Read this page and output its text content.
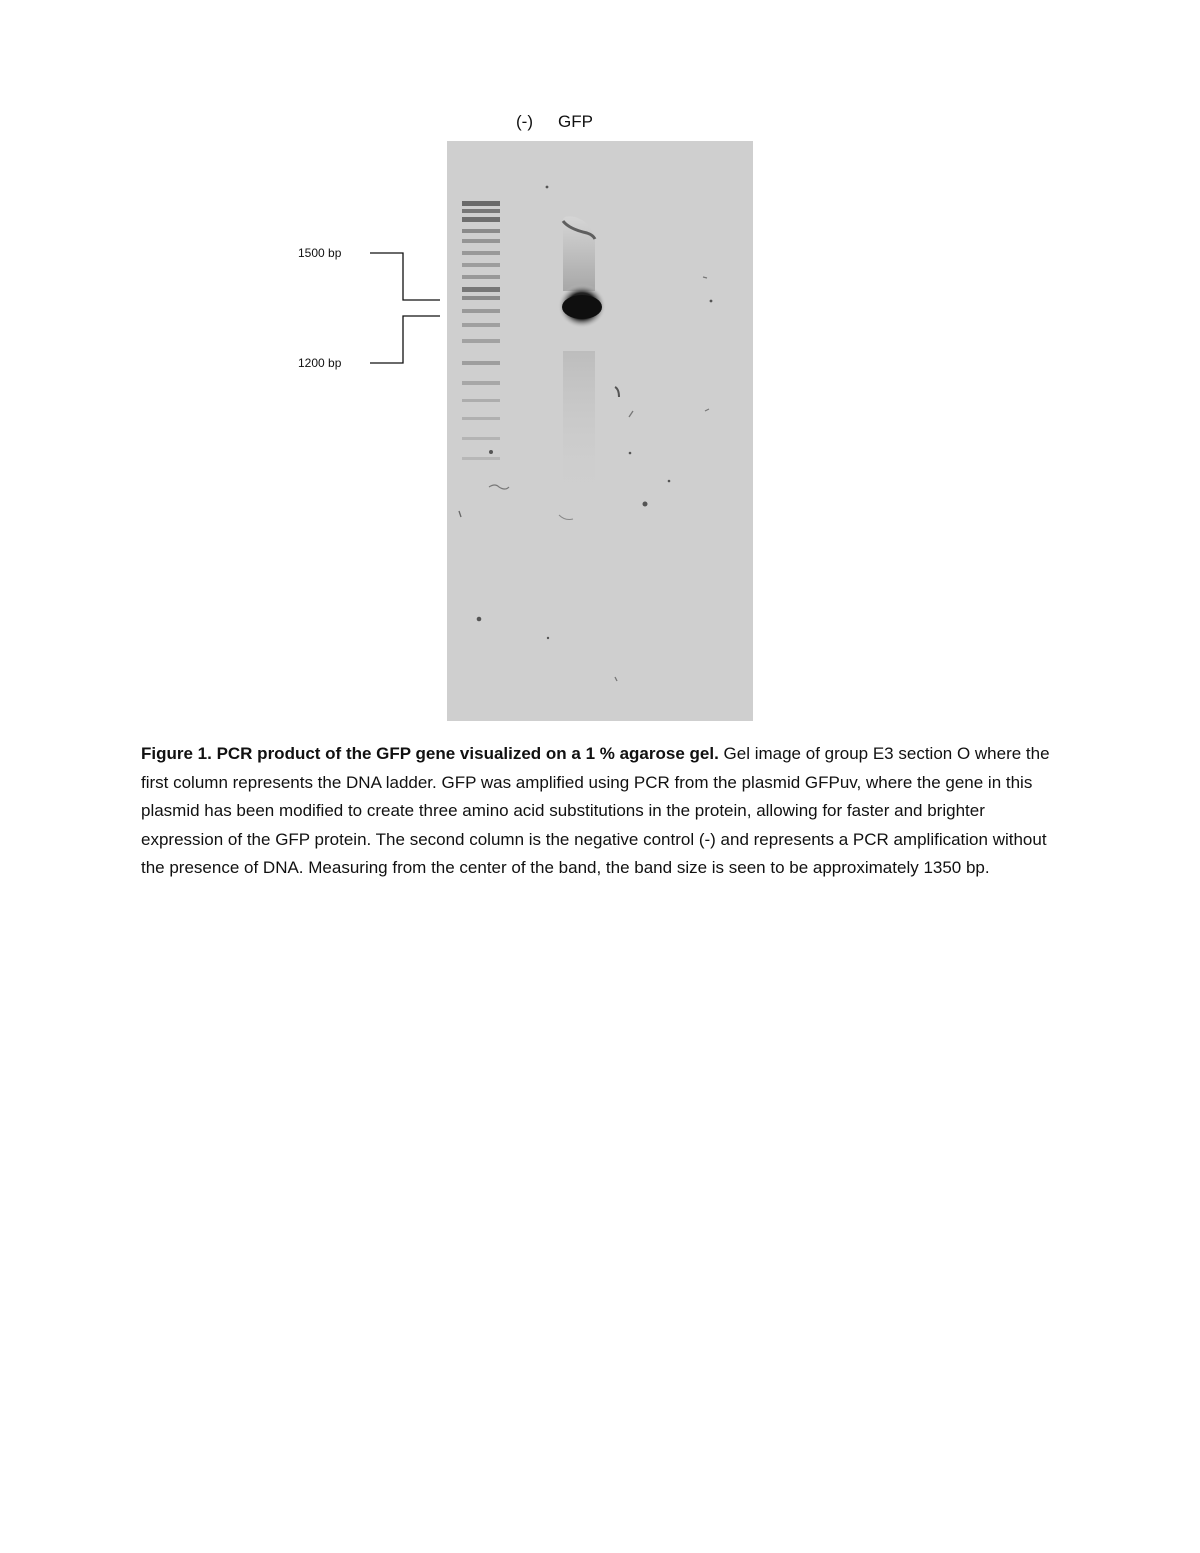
(-) GFP
1500 bp
1200 bp
Figure 1. PCR product of the GFP gene visualized on a 1 % agarose gel. Gel image of group E3 section O where the first column represents the DNA ladder. GFP was amplified using PCR from the plasmid GFPuv, where the gene in this plasmid has been modified to create three amino acid substitutions in the protein, allowing for faster and brighter expression of the GFP protein. The second column is the negative control (-) and represents a PCR amplification without the presence of DNA. Measuring from the center of the band, the band size is seen to be approximately 1350 bp.
